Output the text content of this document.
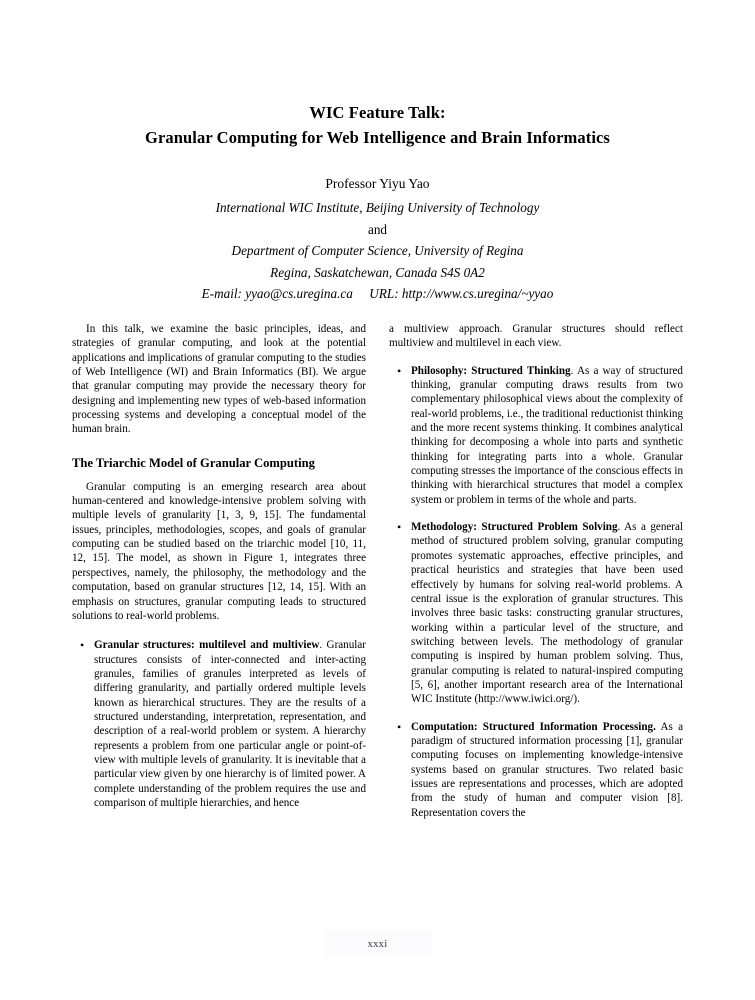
WIC Feature Talk:
Granular Computing for Web Intelligence and Brain Informatics
Professor Yiyu Yao
International WIC Institute, Beijing University of Technology
and
Department of Computer Science, University of Regina
Regina, Saskatchewan, Canada S4S 0A2
E-mail: yyao@cs.uregina.ca     URL: http://www.cs.uregina/~yyao

In this talk, we examine the basic principles, ideas, and strategies of granular computing, and look at the potential applications and implications of granular computing to the studies of Web Intelligence (WI) and Brain Informatics (BI). We argue that granular computing may provide the necessary theory for designing and implementing new types of web-based information processing systems and developing a conceptual model of the human brain.

The Triarchic Model of Granular Computing

Granular computing is an emerging research area about human-centered and knowledge-intensive problem solving with multiple levels of granularity [1, 3, 9, 15]. The fundamental issues, principles, methodologies, scopes, and goals of granular computing can be studied based on the triarchic model [10, 11, 12, 15]. The model, as shown in Figure 1, integrates three perspectives, namely, the philosophy, the methodology and the computation, based on granular structures [12, 14, 15]. With an emphasis on structures, granular computing leads to structured solutions to real-world problems.

• Granular structures: multilevel and multiview. Granular structures consists of inter-connected and inter-acting granules, families of granules interpreted as levels of differing granularity, and partially ordered multiple levels known as hierarchical structures. They are the results of a structured understanding, interpretation, representation, and description of a real-world problem or system. A hierarchy represents a problem from one particular angle or point-of-view with multiple levels of granularity. It is inevitable that a particular view given by one hierarchy is of limited power. A complete understanding of the problem requires the use and comparison of multiple hierarchies, and hence

a multiview approach. Granular structures should reflect multiview and multilevel in each view.

• Philosophy: Structured Thinking. As a way of structured thinking, granular computing draws results from two complementary philosophical views about the complexity of real-world problems, i.e., the traditional reductionist thinking and the more recent systems thinking. It combines analytical thinking for decomposing a whole into parts and synthetic thinking for integrating parts into a whole. Granular computing stresses the importance of the conscious effects in thinking with hierarchical structures that model a complex system or problem in terms of the whole and parts.
• Methodology: Structured Problem Solving. As a general method of structured problem solving, granular computing promotes systematic approaches, effective principles, and practical heuristics and strategies that have been used effectively by humans for solving real-world problems. A central issue is the exploration of granular structures. This involves three basic tasks: constructing granular structures, working within a particular level of the structure, and switching between levels. The methodology of granular computing is inspired by human problem solving. Thus, granular computing is related to natural-inspired computing [5, 6], another important research area of the International WIC Institute (http://www.iwici.org/).
• Computation: Structured Information Processing. As a paradigm of structured information processing [1], granular computing focuses on implementing knowledge-intensive systems based on granular structures. Two related basic issues are representations and processes, which are adopted from the study of human and computer vision [8]. Representation covers the
xxxi
